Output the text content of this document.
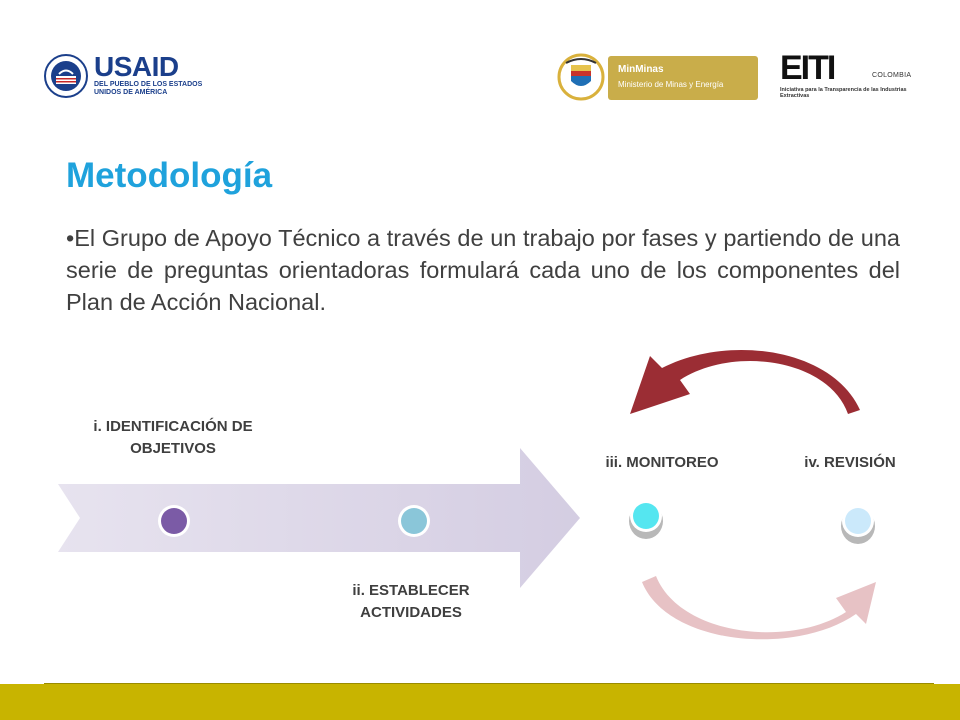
USAID
DEL PUEBLO DE LOS ESTADOS UNIDOS DE AMÉRICA
MinMinas
Ministerio de Minas y Energía EITI	COLOMBIA
Iniciativa para la Transparencia de las Industrias Extractivas
Metodología
•El Grupo de Apoyo Técnico a través de un trabajo por fases y partiendo de una serie de preguntas orientadoras formulará cada uno de los componentes del Plan de Acción Nacional.
i. IDENTIFICACIÓN DE OBJETIVOS
ii. ESTABLECER ACTIVIDADES
iii. MONITOREO	iv. REVISIÓN
